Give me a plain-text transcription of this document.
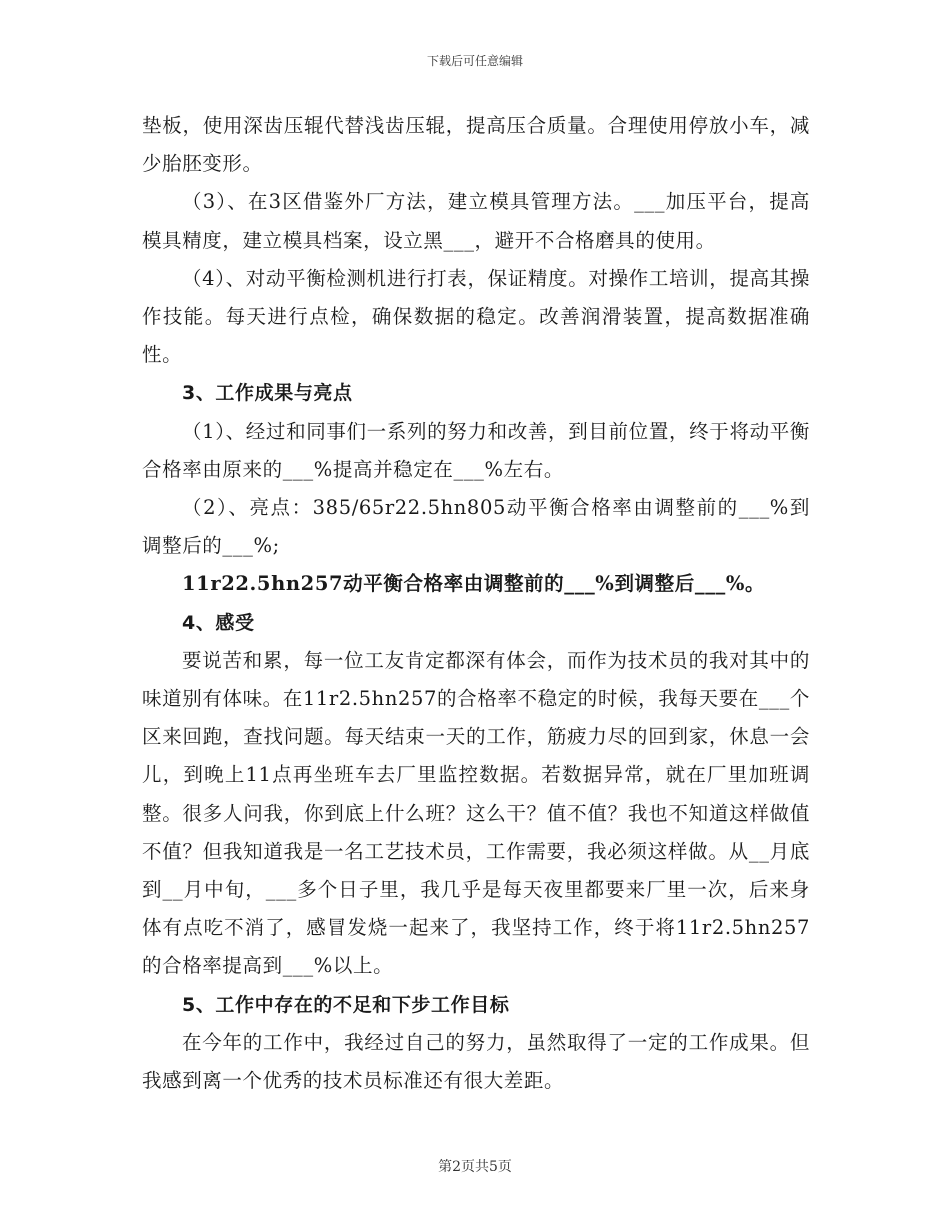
下载后可任意编辑

垫板，使用深齿压辊代替浅齿压辊，提高压合质量。合理使用停放小车，减少胎胚变形。

（3）、在3区借鉴外厂方法，建立模具管理方法。___加压平台，提高模具精度，建立模具档案，设立黑___，避开不合格磨具的使用。

（4）、对动平衡检测机进行打表，保证精度。对操作工培训，提高其操作技能。每天进行点检，确保数据的稳定。改善润滑装置，提高数据准确性。

3、工作成果与亮点

（1）、经过和同事们一系列的努力和改善，到目前位置，终于将动平衡合格率由原来的___%提高并稳定在___%左右。

（2）、亮点：385/65r22.5hn805动平衡合格率由调整前的___%到调整后的___%;

11r22.5hn257动平衡合格率由调整前的___%到调整后___%。

4、感受

要说苦和累，每一位工友肯定都深有体会，而作为技术员的我对其中的味道别有体味。在11r2.5hn257的合格率不稳定的时候，我每天要在___个区来回跑，查找问题。每天结束一天的工作，筋疲力尽的回到家，休息一会儿，到晚上11点再坐班车去厂里监控数据。若数据异常，就在厂里加班调整。很多人问我，你到底上什么班？这么干？值不值？我也不知道这样做值不值？但我知道我是一名工艺技术员，工作需要，我必须这样做。从__月底到__月中旬，___多个日子里，我几乎是每天夜里都要来厂里一次，后来身体有点吃不消了，感冒发烧一起来了，我坚持工作，终于将11r2.5hn257的合格率提高到___%以上。

5、工作中存在的不足和下步工作目标

在今年的工作中，我经过自己的努力，虽然取得了一定的工作成果。但我感到离一个优秀的技术员标准还有很大差距。

第2页共5页
